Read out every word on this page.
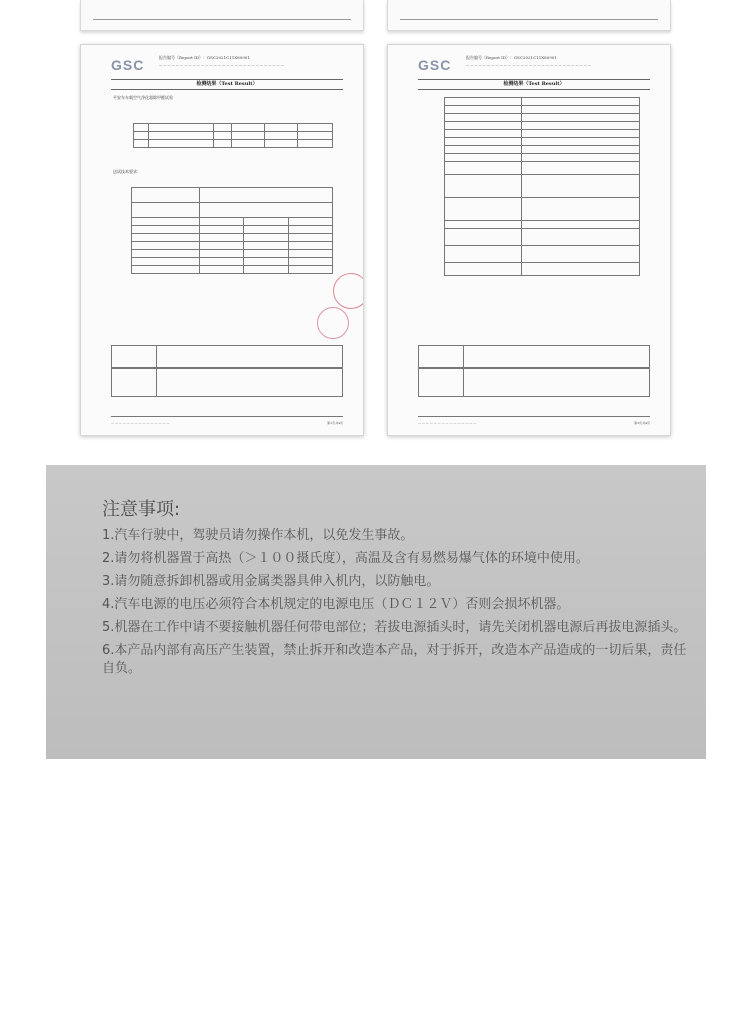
GSC	报告编号（Report ID）：GSC2021C11X80901
— — — — — — — — — — — — — — — — — — — — — — — — — — — — — —
检测结果（Test Result）
平安车车载空气净化器除甲醛试验

送试技术要求：

— — — — — — — — — — — — — — —	第1页共4页
GSC	报告编号（Report ID）：GSC2021C11X80901
— — — — — — — — — — — — — — — — — — — — — — — — — — — — — —
检测结果（Test Result）

— — — — — — — — — — — — — — —	第3页共4页
注意事项:
1.汽车行驶中，驾驶员请勿操作本机，以免发生事故。
2.请勿将机器置于高热（＞１００摄氏度），高温及含有易燃易爆气体的环境中使用。
3.请勿随意拆卸机器或用金属类器具伸入机内，以防触电。
4.汽车电源的电压必须符合本机规定的电源电压（ＤＣ１２Ｖ）否则会损坏机器。
5.机器在工作中请不要接触机器任何带电部位；若拔电源插头时，请先关闭机器电源后再拔电源插头。
6.本产品内部有高压产生装置，禁止拆开和改造本产品，对于拆开，改造本产品造成的一切后果，责任自负。
